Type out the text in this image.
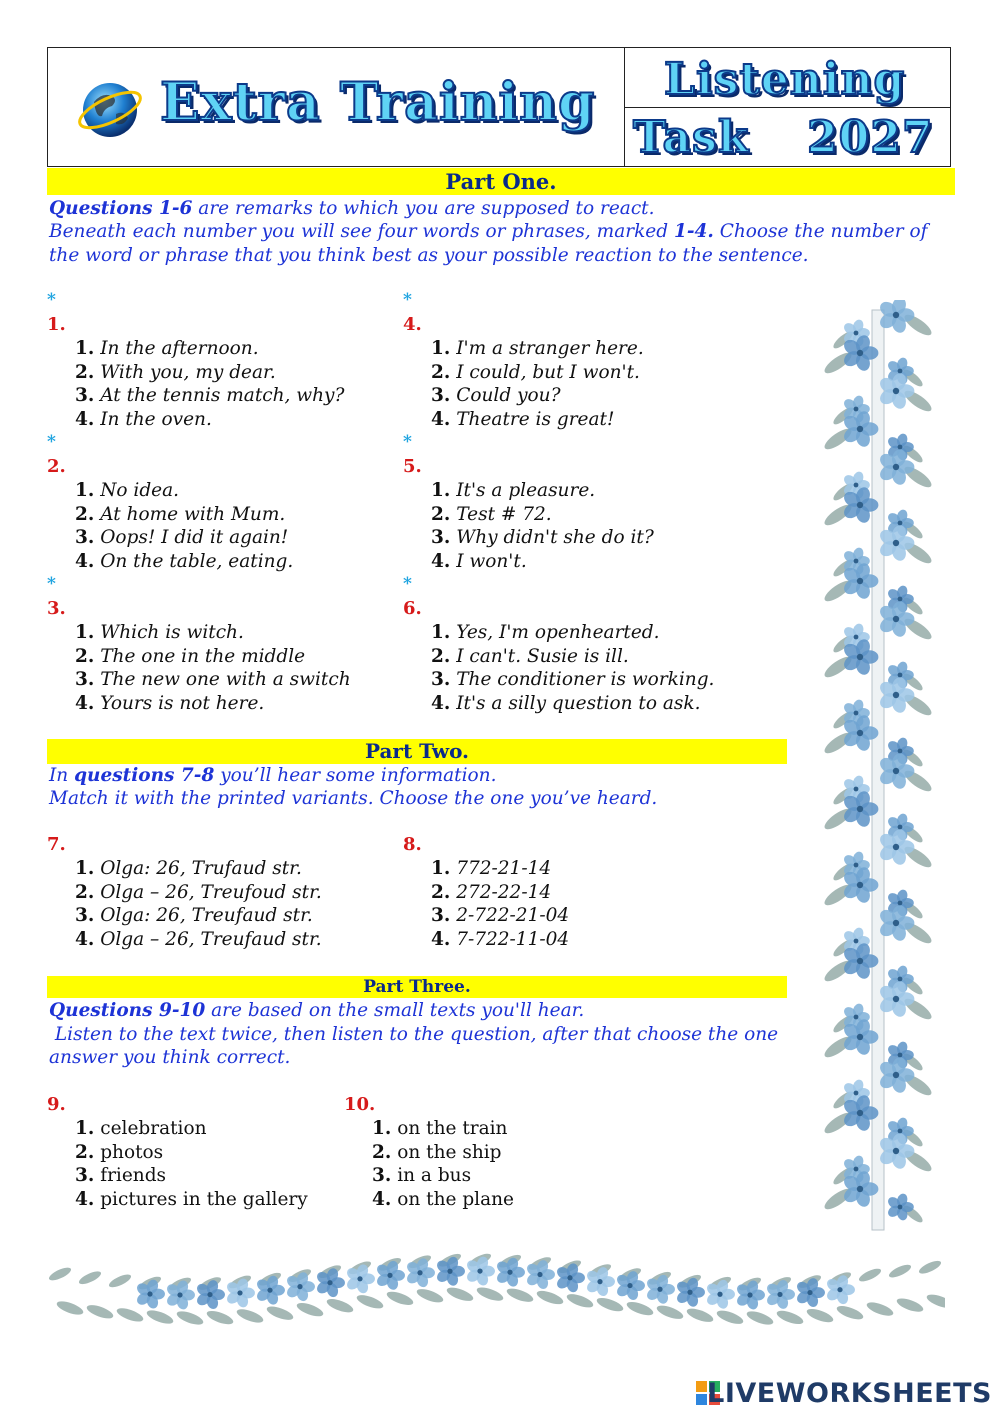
Extra Training Listening
Task 2027
Part One.
Questions 1-6 are remarks to which you are supposed to react.
Beneath each number you will see four words or phrases, marked 1-4. Choose the number of
the word or phrase that you think best as your possible reaction to the sentence.
*
1.
1. In the afternoon.
2. With you, my dear.
3. At the tennis match, why?
4. In the oven.
*
2.
1. No idea.
2. At home with Mum.
3. Oops! I did it again!
4. On the table, eating.
*
3.
1. Which is witch.
2. The one in the middle
3. The new one with a switch
4. Yours is not here.
*
4.
1. I'm a stranger here.
2. I could, but I won't.
3. Could you?
4. Theatre is great!
*
5.
1. It's a pleasure.
2. Test # 72.
3. Why didn't she do it?
4. I won't.
*
6.
1. Yes, I'm openhearted.
2. I can't. Susie is ill.
3. The conditioner is working.
4. It's a silly question to ask.
Part Two.
In questions 7-8 you’ll hear some information.
Match it with the printed variants. Choose the one you’ve heard.
7.
1. Olga: 26, Trufaud str.
2. Olga – 26, Treufoud str.
3. Olga: 26, Treufaud str.
4. Olga – 26, Treufaud str.
8.
1. 772-21-14
2. 272-22-14
3. 2-722-21-04
4. 7-722-11-04
Part Three.
Questions 9-10 are based on the small texts you'll hear.
Listen to the text twice, then listen to the question, after that choose the one
answer you think correct.
9.
1. celebration
2. photos
3. friends
4. pictures in the gallery
10.
1. on the train
2. on the ship
3. in a bus
4. on the plane
LIVEWORKSHEETS
